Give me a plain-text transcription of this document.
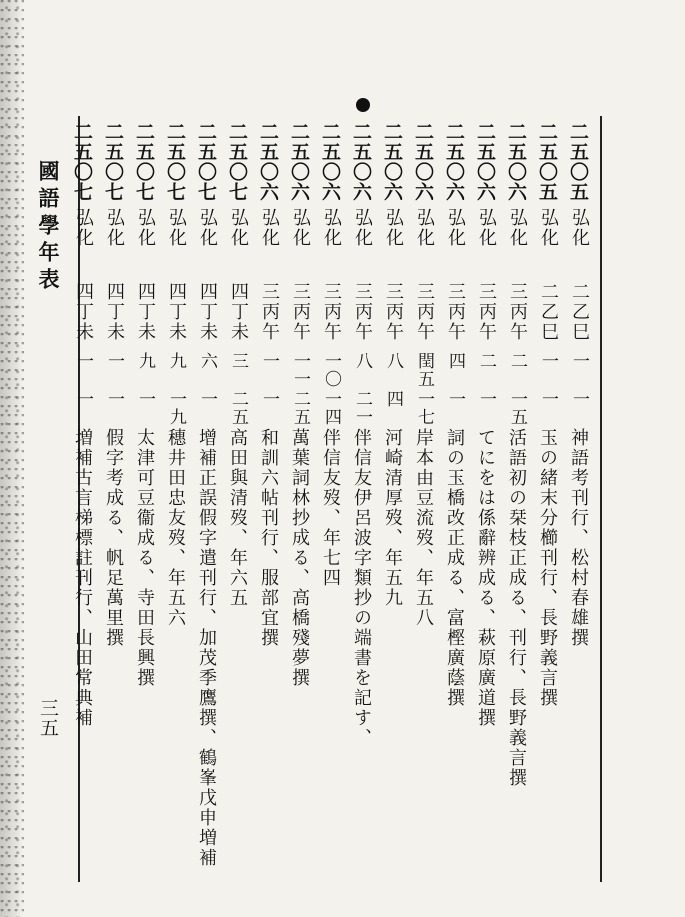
國語學年表
三五
二五〇五
弘化
二乙巳
一
一
神語考刊行、松村春雄撰
二五〇五
弘化
二乙巳
一
一
玉の緒末分櫛刊行、長野義言撰
二五〇六
弘化
三丙午
二
一五
活語初の栞枝正成る、刊行、長野義言撰
二五〇六
弘化
三丙午
二
一
てにをは係辭辨成る、萩原廣道撰
二五〇六
弘化
三丙午
四
一
詞の玉橋改正成る、富樫廣蔭撰
二五〇六
弘化
三丙午
閏五
一七
岸本由豆流歿、年五八
二五〇六
弘化
三丙午
八
四
河崎清厚歿、年五九
二五〇六
弘化
三丙午
八
二一
伴信友伊呂波字類抄の端書を記す、
二五〇六
弘化
三丙午
一〇
一四
伴信友歿、年七四
二五〇六
弘化
三丙午
一一
二五
萬葉詞林抄成る、高橋殘夢撰
二五〇六
弘化
三丙午
一
一
和訓六帖刊行、服部宜撰
二五〇七
弘化
四丁未
三
二五
高田與清歿、年六五
二五〇七
弘化
四丁未
六
一
增補正誤假字遣刊行、加茂季鷹撰、鶴峯戊申増補
二五〇七
弘化
四丁未
九
一九
穗井田忠友歿、年五六
二五〇七
弘化
四丁未
九
一
太津可豆衞成る、寺田長興撰
二五〇七
弘化
四丁未
一
一
假字考成る、帆足萬里撰
二五〇七
弘化
四丁未
一
一
増補古言梯標註刊行、山田常典補
